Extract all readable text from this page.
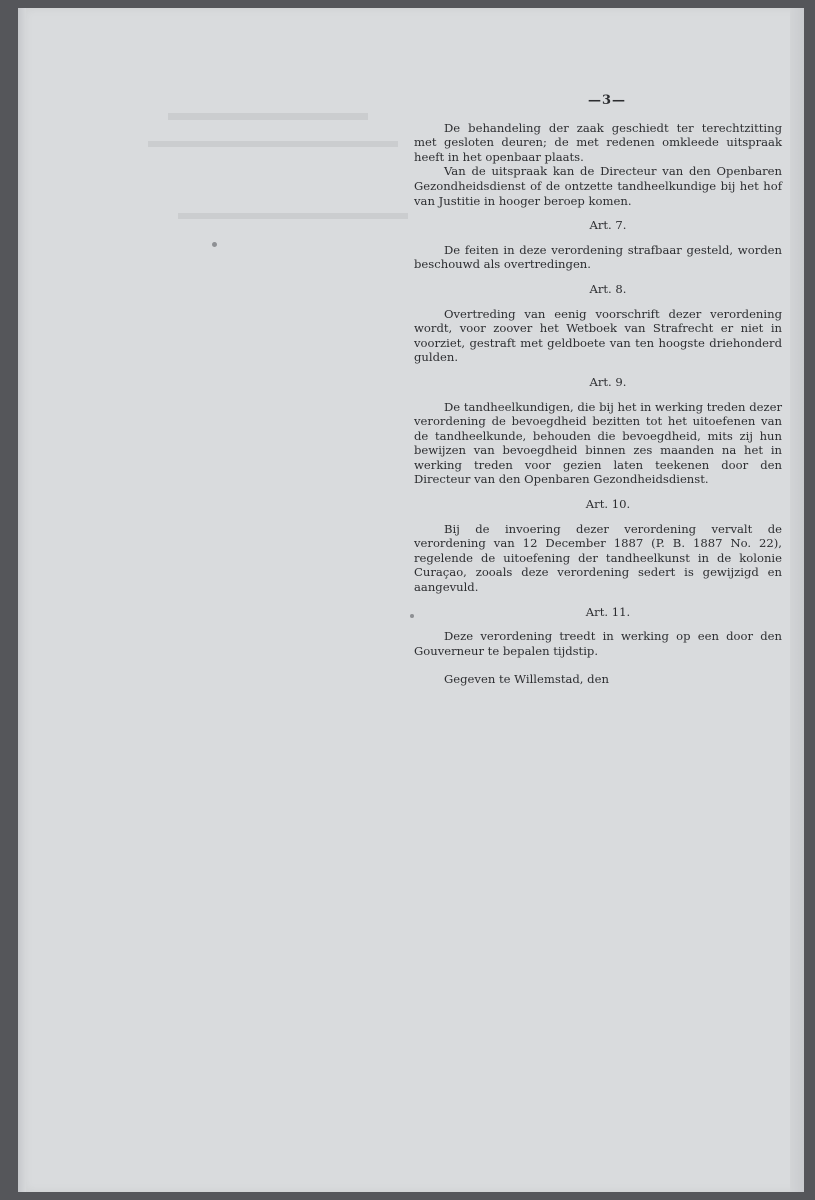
—3—

De behandeling der zaak geschiedt ter terechtzitting met gesloten deuren; de met redenen omkleede uitspraak heeft in het openbaar plaats.

Van de uitspraak kan de Directeur van den Openbaren Gezondheidsdienst of de ontzette tandheelkundige bij het hof van Justitie in hooger beroep komen.

Art. 7.

De feiten in deze verordening strafbaar gesteld, worden beschouwd als overtredingen.

Art. 8.

Overtreding van eenig voorschrift dezer verordening wordt, voor zoover het Wetboek van Strafrecht er niet in voorziet, gestraft met geldboete van ten hoogste driehonderd gulden.

Art. 9.

De tandheelkundigen, die bij het in werking treden dezer verordening de bevoegdheid bezitten tot het uitoefenen van de tandheelkunde, behouden die bevoegdheid, mits zij hun bewijzen van bevoegdheid binnen zes maanden na het in werking treden voor gezien laten teekenen door den Directeur van den Openbaren Gezondheidsdienst.

Art. 10.

Bij de invoering dezer verordening vervalt de verordening van 12 December 1887 (P. B. 1887 No. 22), regelende de uitoefening der tandheelkunst in de kolonie Curaçao, zooals deze verordening sedert is gewijzigd en aangevuld.

Art. 11.

Deze verordening treedt in werking op een door den Gouverneur te bepalen tijdstip.

Gegeven te Willemstad, den
